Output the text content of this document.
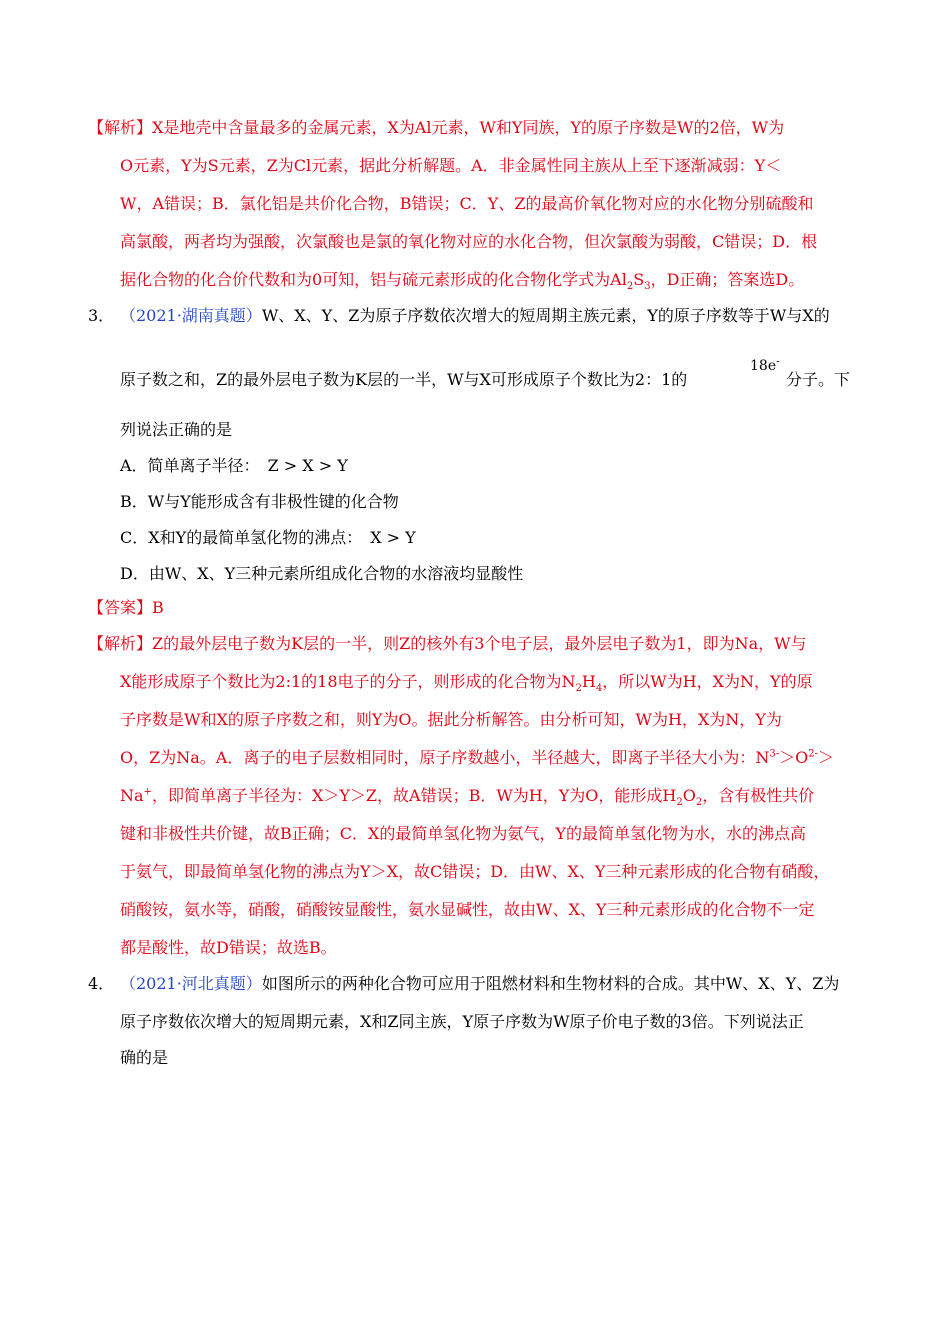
【解析】X是地壳中含量最多的金属元素，X为Al元素，W和Y同族，Y的原子序数是W的2倍，W为
O元素，Y为S元素，Z为Cl元素，据此分析解题。A．非金属性同主族从上至下逐渐减弱：Y＜
W，A错误；B．氯化铝是共价化合物，B错误；C．Y、Z的最高价氧化物对应的水化物分别硫酸和
高氯酸，两者均为强酸，次氯酸也是氯的氧化物对应的水化合物，但次氯酸为弱酸，C错误；D．根
据化合物的化合价代数和为0可知，铝与硫元素形成的化合物化学式为$Al_2S_3$，D正确；答案选D。
3． （2021·湖南真题）W、X、Y、Z为原子序数依次增大的短周期主族元素，Y的原子序数等于W与X的
原子数之和，Z的最外层电子数为K层的一半，W与X可形成原子个数比为2：1的
18e-
分子。下
列说法正确的是
A．简单离子半径： Z > X > Y
B．W与Y能形成含有非极性键的化合物
C．X和Y的最简单氢化物的沸点： X > Y
D．由W、X、Y三种元素所组成化合物的水溶液均显酸性
【答案】B
【解析】Z的最外层电子数为K层的一半，则Z的核外有3个电子层，最外层电子数为1，即为Na，W与
X能形成原子个数比为2:1的18电子的分子，则形成的化合物为$N_2H_4$，所以W为H，X为N，Y的原
子序数是W和X的原子序数之和，则Y为O。据此分析解答。由分析可知，W为H，X为N，Y为
O，Z为Na。A．离子的电子层数相同时，原子序数越小，半径越大，即离子半径大小为：$N^{3-}>O^{2-}>$
Na+，即简单离子半径为：X＞Y＞Z，故A错误；B．W为H，Y为O，能形成$H_2O_2$，含有极性共价
键和非极性共价键，故B正确；C．X的最简单氢化物为氨气，Y的最简单氢化物为水，水的沸点高
于氨气，即最简单氢化物的沸点为Y＞X，故C错误；D．由W、X、Y三种元素形成的化合物有硝酸，
硝酸铵，氨水等，硝酸，硝酸铵显酸性，氨水显碱性，故由W、X、Y三种元素形成的化合物不一定
都是酸性，故D错误；故选B。
4． （2021·河北真题）如图所示的两种化合物可应用于阻燃材料和生物材料的合成。其中W、X、Y、Z为
原子序数依次增大的短周期元素，X和Z同主族，Y原子序数为W原子价电子数的3倍。下列说法正
确的是
